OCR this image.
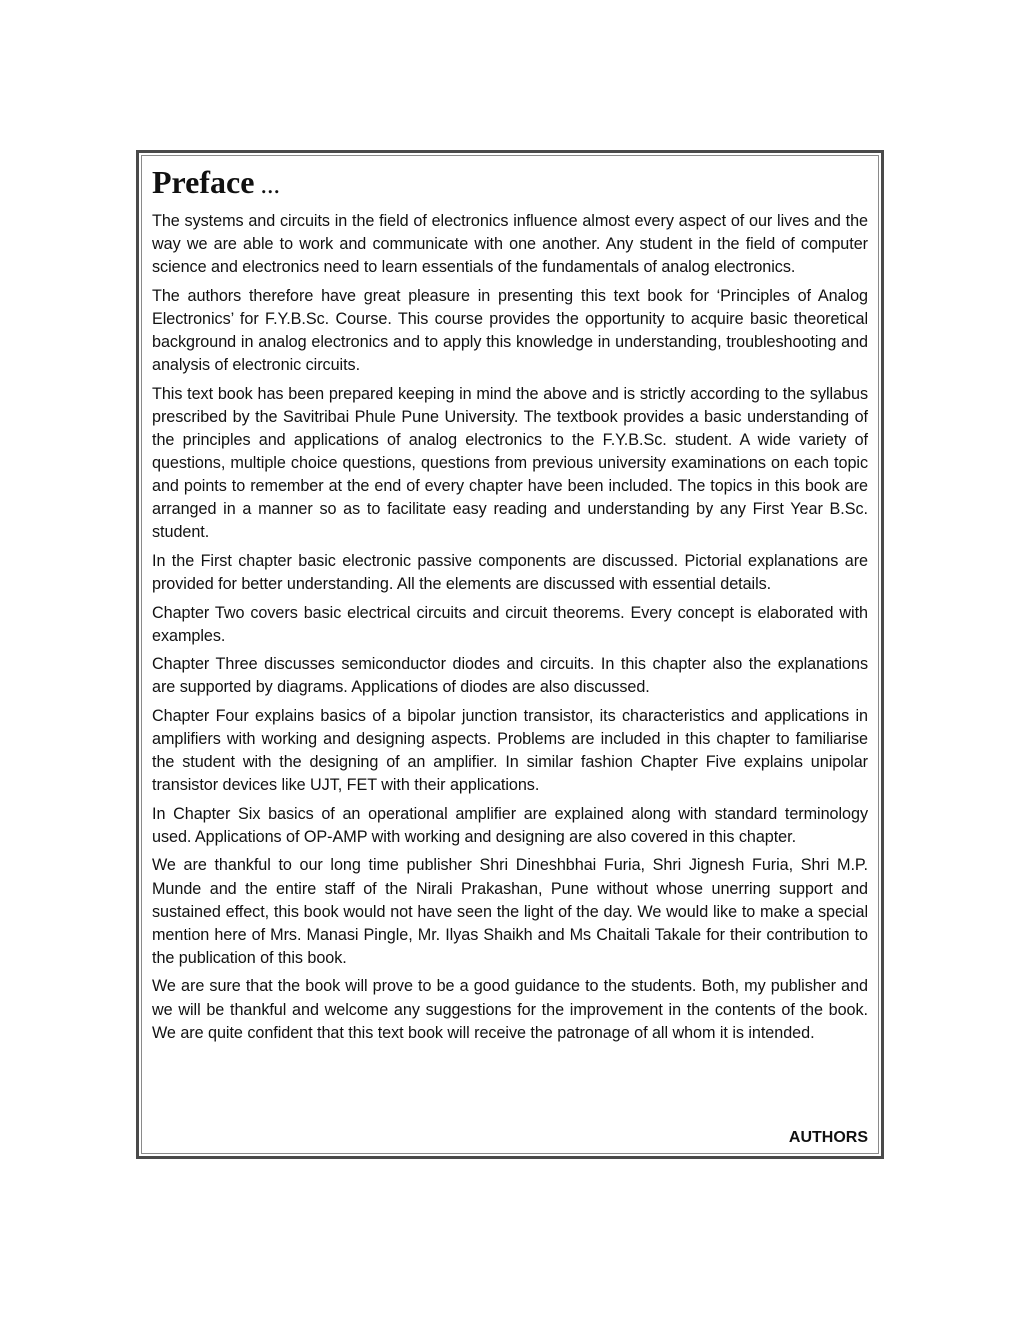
Preface ...

The systems and circuits in the field of electronics influence almost every aspect of our lives and the way we are able to work and communicate with one another. Any student in the field of computer science and electronics need to learn essentials of the fundamentals of analog electronics.

The authors therefore have great pleasure in presenting this text book for ‘Principles of Analog Electronics’ for F.Y.B.Sc. Course. This course provides the opportunity to acquire basic theoretical background in analog electronics and to apply this knowledge in understanding, troubleshooting and analysis of electronic circuits.

This text book has been prepared keeping in mind the above and is strictly according to the syllabus prescribed by the Savitribai Phule Pune University. The textbook provides a basic understanding of the principles and applications of analog electronics to the F.Y.B.Sc. student. A wide variety of questions, multiple choice questions, questions from previous university examinations on each topic and points to remember at the end of every chapter have been included. The topics in this book are arranged in a manner so as to facilitate easy reading and understanding by any First Year B.Sc. student.

In the First chapter basic electronic passive components are discussed. Pictorial explanations are provided for better understanding. All the elements are discussed with essential details.

Chapter Two covers basic electrical circuits and circuit theorems. Every concept is elaborated with examples.

Chapter Three discusses semiconductor diodes and circuits. In this chapter also the explanations are supported by diagrams. Applications of diodes are also discussed.

Chapter Four explains basics of a bipolar junction transistor, its characteristics and applications in amplifiers with working and designing aspects. Problems are included in this chapter to familiarise the student with the designing of an amplifier. In similar fashion Chapter Five explains unipolar transistor devices like UJT, FET with their applications.

In Chapter Six basics of an operational amplifier are explained along with standard terminology used. Applications of OP-AMP with working and designing are also covered in this chapter.

We are thankful to our long time publisher Shri Dineshbhai Furia, Shri Jignesh Furia, Shri M.P. Munde and the entire staff of the Nirali Prakashan, Pune without whose unerring support and sustained effect, this book would not have seen the light of the day. We would like to make a special mention here of Mrs. Manasi Pingle, Mr. Ilyas Shaikh and Ms Chaitali Takale for their contribution to the publication of this book.

We are sure that the book will prove to be a good guidance to the students. Both, my publisher and we will be thankful and welcome any suggestions for the improvement in the contents of the book. We are quite confident that this text book will receive the patronage of all whom it is intended.

AUTHORS
